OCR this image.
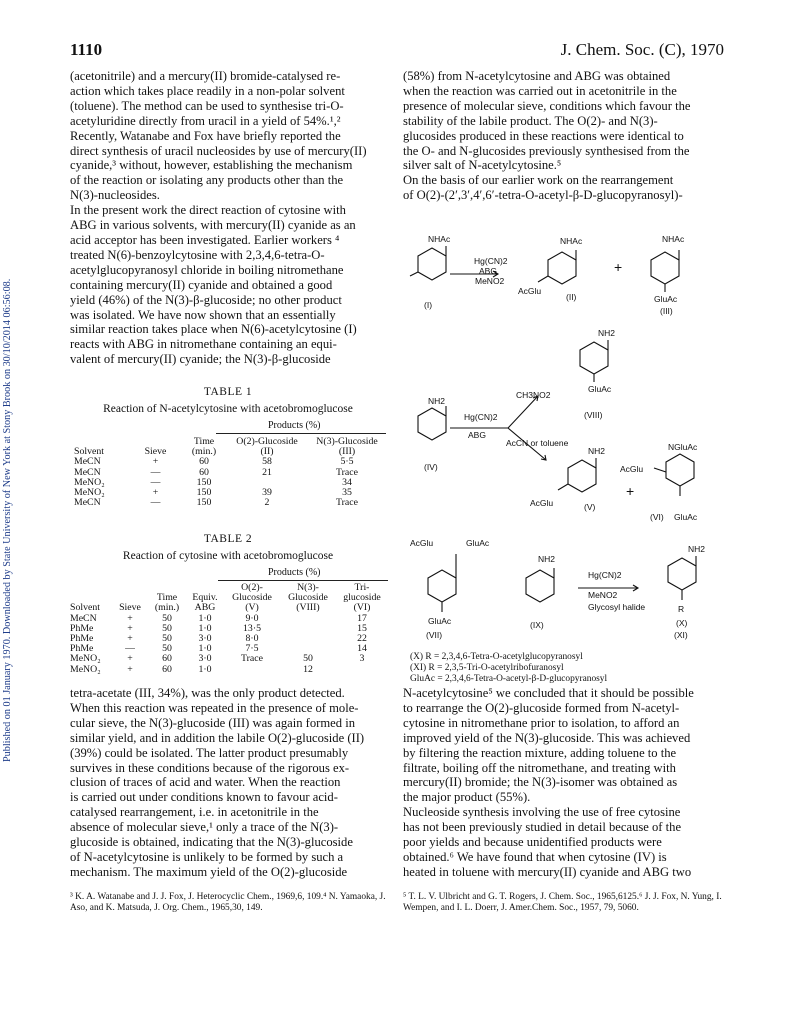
Published on 01 January 1970. Downloaded by State University of New York at Stony Brook on 30/10/2014 06:56:08.
1110	J. Chem. Soc. (C), 1970
(acetonitrile) and a mercury(II) bromide-catalysed re-
action which takes place readily in a non-polar solvent
(toluene). The method can be used to synthesise tri-O-
acetyluridine directly from uracil in a yield of 54%.¹,²
Recently, Watanabe and Fox have briefly reported the
direct synthesis of uracil nucleosides by use of mercury(II)
cyanide,³ without, however, establishing the mechanism
of the reaction or isolating any products other than the
N(3)-nucleosides.
In the present work the direct reaction of cytosine with
ABG in various solvents, with mercury(II) cyanide as an
acid acceptor has been investigated. Earlier workers ⁴
treated N(6)-benzoylcytosine with 2,3,4,6-tetra-O-
acetylglucopyranosyl chloride in boiling nitromethane
containing mercury(II) cyanide and obtained a good
yield (46%) of the N(3)-β-glucoside; no other product
was isolated. We have now shown that an essentially
similar reaction takes place when N(6)-acetylcytosine (I)
reacts with ABG in nitromethane containing an equi-
valent of mercury(II) cyanide; the N(3)-β-glucoside
(58%) from N-acetylcytosine and ABG was obtained
when the reaction was carried out in acetonitrile in the
presence of molecular sieve, conditions which favour the
stability of the labile product. The O(2)- and N(3)-
glucosides produced in these reactions were identical to
the O- and N-glucosides previously synthesised from the
silver salt of N-acetylcytosine.⁵
On the basis of our earlier work on the rearrangement
of O(2)-(2′,3′,4′,6′-tetra-O-acetyl-β-D-glucopyranosyl)-
TABLE 1
Reaction of N-acetylcytosine with acetobromoglucose
Products (%)
Solvent	Sieve	Time (min.)	O(2)-Glucoside (II)	N(3)-Glucoside (III)
MeCN	+	60	58	5·5
MeCN	—	60	21	Trace
MeNO₂	—	150		34
MeNO₂	+	150	39	35
MeCN	—	150	2	Trace
TABLE 2
Reaction of cytosine with acetobromoglucose
Products (%)
Solvent	Sieve	Time (min.)	Equiv. ABG	O(2)- Glucoside (V)	N(3)- Glucoside (VIII)	Tri- glucoside (VI)
MeCN	+	50	1·0	9·0		17
PhMe	+	50	1·0	13·5		15
PhMe	+	50	3·0	8·0		22
PhMe	—	50	1·0	7·5		14
MeNO₂	+	60	3·0	Trace	50	3
MeNO₂	+	60	1·0		12	
NHAc
Hg(CN)2
ABG
MeNO2
(I)
NHAc
AcGlu
(II)
+
NHAc
GluAc
(III)
NH2
GluAc
(VIII)
CH3NO2
NH2
Hg(CN)2
ABG
AcCN or toluene
(IV)
NH2
AcGlu	(V)
+
NGluAc
AcGlu
(VI) GluAc
AcGlu	GluAc
GluAc
(VII)
NH2
(IX)
Hg(CN)2
MeNO2
Glycosyl halide
NH2
R
(X)
(XI)
(X) R = 2,3,4,6-Tetra-O-acetylglucopyranosyl
(XI) R = 2,3,5-Tri-O-acetylribofuranosyl
GluAc = 2,3,4,6-Tetra-O-acetyl-β-D-glucopyranosyl
tetra-acetate (III, 34%), was the only product detected.
When this reaction was repeated in the presence of mole-
cular sieve, the N(3)-glucoside (III) was again formed in
similar yield, and in addition the labile O(2)-glucoside (II)
(39%) could be isolated. The latter product presumably
survives in these conditions because of the rigorous ex-
clusion of traces of acid and water. When the reaction
is carried out under conditions known to favour acid-
catalysed rearrangement, i.e. in acetonitrile in the
absence of molecular sieve,¹ only a trace of the N(3)-
glucoside is obtained, indicating that the N(3)-glucoside
of N-acetylcytosine is unlikely to be formed by such a
mechanism. The maximum yield of the O(2)-glucoside
N-acetylcytosine⁵ we concluded that it should be possible
to rearrange the O(2)-glucoside formed from N-acetyl-
cytosine in nitromethane prior to isolation, to afford an
improved yield of the N(3)-glucoside. This was achieved
by filtering the reaction mixture, adding toluene to the
filtrate, boiling off the nitromethane, and treating with
mercury(II) bromide; the N(3)-isomer was obtained as
the major product (55%).
Nucleoside synthesis involving the use of free cytosine
has not been previously studied in detail because of the
poor yields and because unidentified products were
obtained.⁶ We have found that when cytosine (IV) is
heated in toluene with mercury(II) cyanide and ABG two
³ K. A. Watanabe and J. J. Fox, J. Heterocyclic Chem., 1969,6, 109.⁴ N. Yamaoka, J. Aso, and K. Matsuda, J. Org. Chem., 1965,30, 149.
⁵ T. L. V. Ulbricht and G. T. Rogers, J. Chem. Soc., 1965,6125.⁶ J. J. Fox, N. Yung, I. Wempen, and I. L. Doerr, J. Amer.Chem. Soc., 1957, 79, 5060.
